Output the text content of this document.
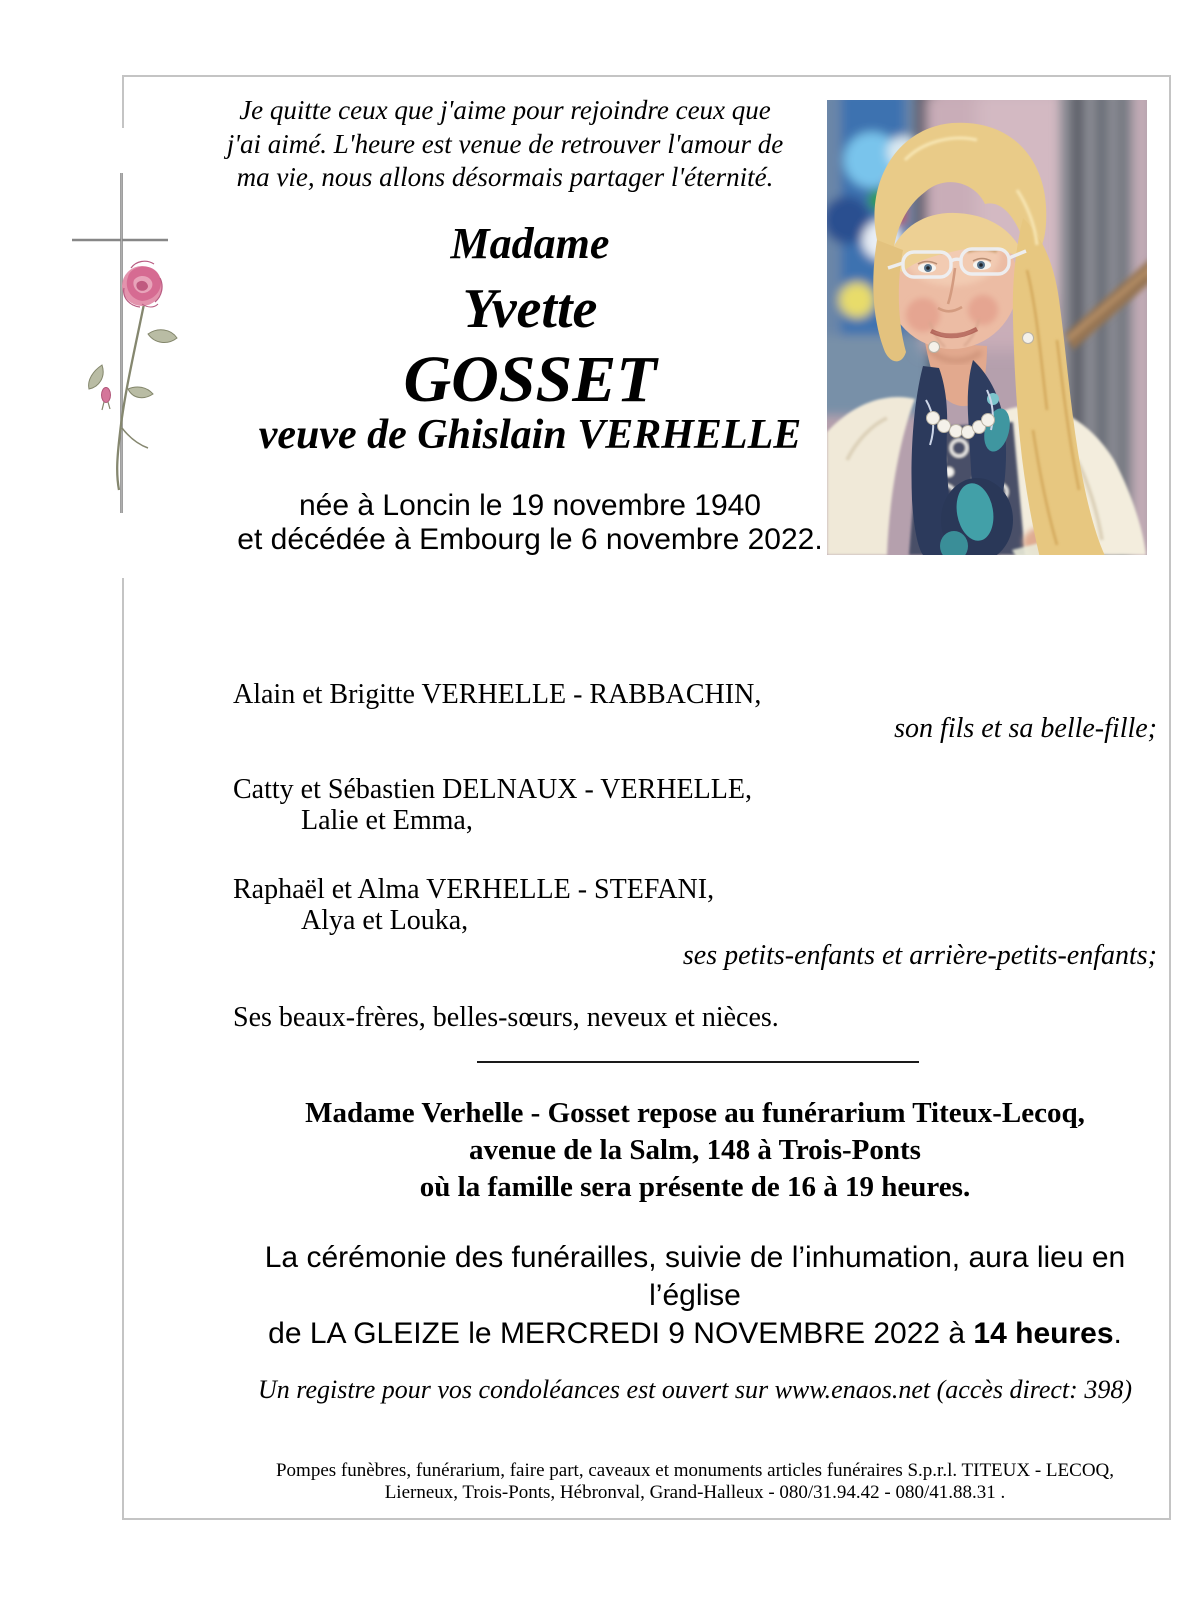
Je quitte ceux que j'aime pour rejoindre ceux que
j'ai aimé. L'heure est venue de retrouver l'amour de
ma vie, nous allons désormais partager l'éternité.
Madame
Yvette
GOSSET
veuve de Ghislain VERHELLE
née à Loncin le 19 novembre 1940
et décédée à Embourg le 6 novembre 2022.
Alain et Brigitte VERHELLE - RABBACHIN,
son fils et sa belle-fille;
Catty et Sébastien DELNAUX - VERHELLE,
Lalie et Emma,
Raphaël et Alma VERHELLE - STEFANI,
Alya et Louka,
ses petits-enfants et arrière-petits-enfants;
Ses beaux-frères, belles-sœurs, neveux et nièces.
Madame Verhelle - Gosset repose au funérarium Titeux-Lecoq,
avenue de la Salm, 148 à Trois-Ponts
où la famille sera présente de 16 à 19 heures.
La cérémonie des funérailles, suivie de l’inhumation, aura lieu en l’église
de LA GLEIZE le MERCREDI 9 NOVEMBRE 2022 à 14 heures.
Un registre pour vos condoléances est ouvert sur www.enaos.net (accès direct: 398)
Pompes funèbres, funérarium, faire part, caveaux et monuments articles funéraires S.p.r.l. TITEUX - LECOQ,
Lierneux, Trois-Ponts, Hébronval, Grand-Halleux - 080/31.94.42 - 080/41.88.31 .
